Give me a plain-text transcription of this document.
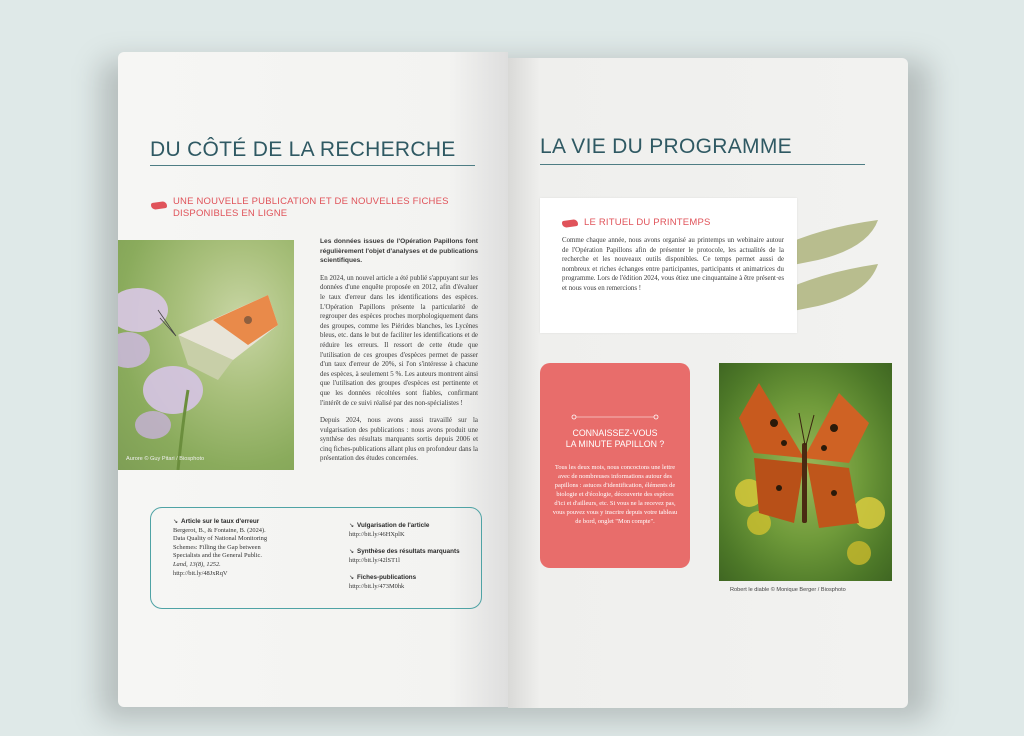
DU CÔTÉ DE LA RECHERCHE
UNE NOUVELLE PUBLICATION ET DE NOUVELLES FICHES
DISPONIBLES EN LIGNE
Aurore © Guy Pitari / Biosphoto

Les données issues de l'Opération Papillons font régulièrement l'objet d'analyses et de publications scientifiques.

En 2024, un nouvel article a été publié s'appuyant sur les données d'une enquête proposée en 2012, afin d'évaluer le taux d'erreur dans les identifications des espèces. L'Opération Papillons présente la particularité de regrouper des espèces proches morphologiquement dans des groupes, comme les Piérides blanches, les Lycènes bleus, etc. dans le but de faciliter les identifications et de réduire les erreurs. Il ressort de cette étude que l'utilisation de ces groupes d'espèces permet de passer d'un taux d'erreur de 20%, si l'on s'intéresse à chacune des espèces, à seulement 5 %. Les auteurs montrent ainsi que l'utilisation des groupes d'espèces est pertinente et que les données récoltées sont fiables, confirmant l'intérêt de ce suivi réalisé par des non-spécialistes !

Depuis 2024, nous avons aussi travaillé sur la vulgarisation des publications : nous avons produit une synthèse des résultats marquants sortis depuis 2006 et cinq fiches-publications allant plus en profondeur dans la présentation des études concernées.

↘ Article sur le taux d'erreur
Bergerot, B., & Fontaine, B. (2024).
Data Quality of National Monitoring
Schemes: Filling the Gap between
Specialists and the General Public.
Land, 13(8), 1252.
http://bit.ly/48JxRqV
↘ Vulgarisation de l'article
http://bit.ly/46HXplK
↘ Synthèse des résultats marquants
http://bit.ly/42lST1l
↘ Fiches-publications
http://bit.ly/473M0hk
LA VIE DU PROGRAMME
LE RITUEL DU PRINTEMPS
Comme chaque année, nous avons organisé au printemps un webinaire autour de l'Opération Papillons afin de présenter le protocole, les actualités de la recherche et les nouveaux outils disponibles. Ce temps permet aussi de nombreux et riches échanges entre participantes, participants et animatrices du programme. Lors de l'édition 2024, vous étiez une cinquantaine à être présent·es et nous vous en remercions !
CONNAISSEZ-VOUS
LA MINUTE PAPILLON ?
Tous les deux mois, nous concoctons une lettre avec de nombreuses informations autour des papillons : astuces d'identification, éléments de biologie et d'écologie, découverte des espèces d'ici et d'ailleurs, etc. Si vous ne la recevez pas, vous pouvez vous y inscrire depuis votre tableau de bord, onglet "Mon compte".
Robert le diable © Monique Berger / Biosphoto
